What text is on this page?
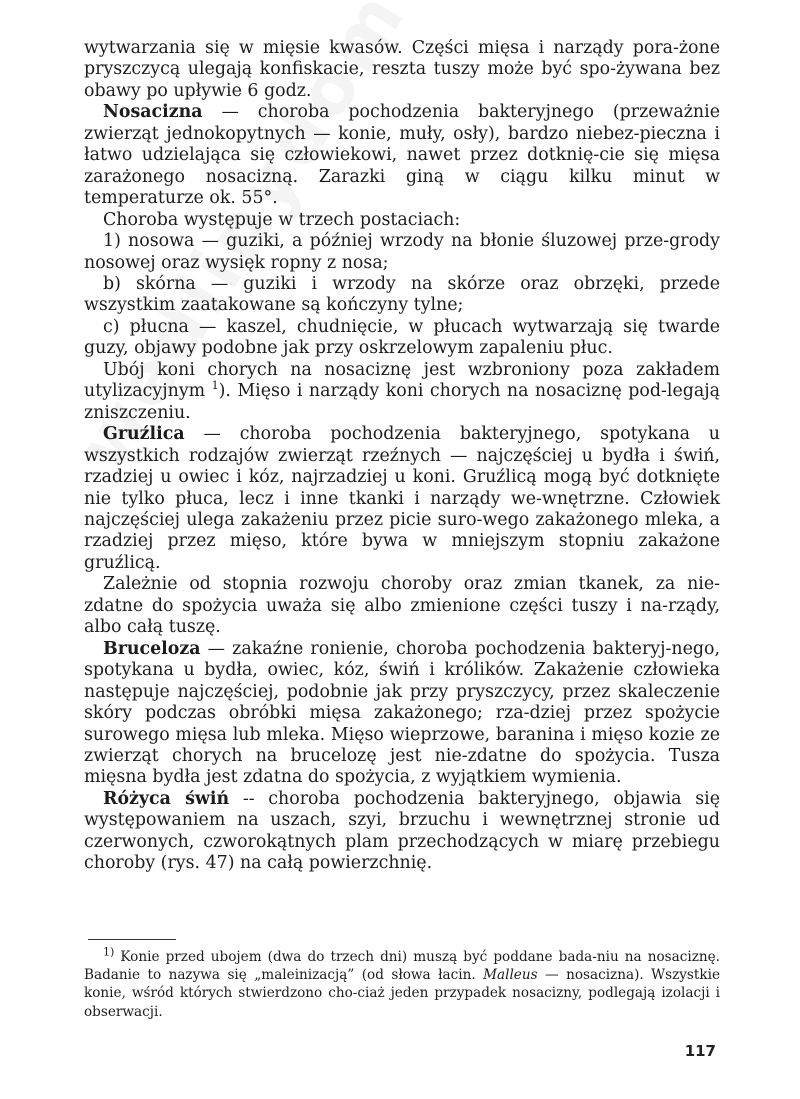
wytwarzania się w mięsie kwasów. Części mięsa i narządy pora-żone pryszczycą ulegają konfiskacie, reszta tuszy może być spo-żywana bez obawy po upływie 6 godz.

Nosacizna — choroba pochodzenia bakteryjnego (przeważnie zwierząt jednokopytnych — konie, muły, osły), bardzo niebez-pieczna i łatwo udzielająca się człowiekowi, nawet przez dotknię-cie się mięsa zarażonego nosacizną. Zarazki giną w ciągu kilku minut w temperaturze ok. 55°.

Choroba występuje w trzech postaciach:

1) nosowa — guziki, a później wrzody na błonie śluzowej prze-grody nosowej oraz wysięk ropny z nosa;

b) skórna — guziki i wrzody na skórze oraz obrzęki, przede wszystkim zaatakowane są kończyny tylne;

c) płucna — kaszel, chudnięcie, w płucach wytwarzają się twarde guzy, objawy podobne jak przy oskrzelowym zapaleniu płuc.

Ubój koni chorych na nosaciznę jest wzbroniony poza zakładem utylizacyjnym $^1$). Mięso i narządy koni chorych na nosaciznę pod-legają zniszczeniu.

Gruźlica — choroba pochodzenia bakteryjnego, spotykana u wszystkich rodzajów zwierząt rzeźnych — najczęściej u bydła i świń, rzadziej u owiec i kóz, najrzadziej u koni. Gruźlicą mogą być dotknięte nie tylko płuca, lecz i inne tkanki i narządy we-wnętrzne. Człowiek najczęściej ulega zakażeniu przez picie suro-wego zakażonego mleka, a rzadziej przez mięso, które bywa w mniejszym stopniu zakażone gruźlicą.

Zależnie od stopnia rozwoju choroby oraz zmian tkanek, za nie-zdatne do spożycia uważa się albo zmienione części tuszy i na-rządy, albo całą tuszę.

Bruceloza — zakaźne ronienie, choroba pochodzenia bakteryj-nego, spotykana u bydła, owiec, kóz, świń i królików. Zakażenie człowieka następuje najczęściej, podobnie jak przy pryszczycy, przez skaleczenie skóry podczas obróbki mięsa zakażonego; rza-dziej przez spożycie surowego mięsa lub mleka. Mięso wieprzowe, baranina i mięso kozie ze zwierząt chorych na brucelozę jest nie-zdatne do spożycia. Tusza mięsna bydła jest zdatna do spożycia, z wyjątkiem wymienia.

Różyca świń -- choroba pochodzenia bakteryjnego, objawia się występowaniem na uszach, szyi, brzuchu i wewnętrznej stronie ud czerwonych, czworokątnych plam przechodzących w miarę przebiegu choroby (rys. 47) na całą powierzchnię.

$^{1)}$ Konie przed ubojem (dwa do trzech dni) muszą być poddane bada-niu na nosaciznę. Badanie to nazywa się „maleinizacją” (od słowa łacin. Malleus — nosacizna). Wszystkie konie, wśród których stwierdzono cho-ciaż jeden przypadek nosacizny, podlegają izolacji i obserwacji.

117
